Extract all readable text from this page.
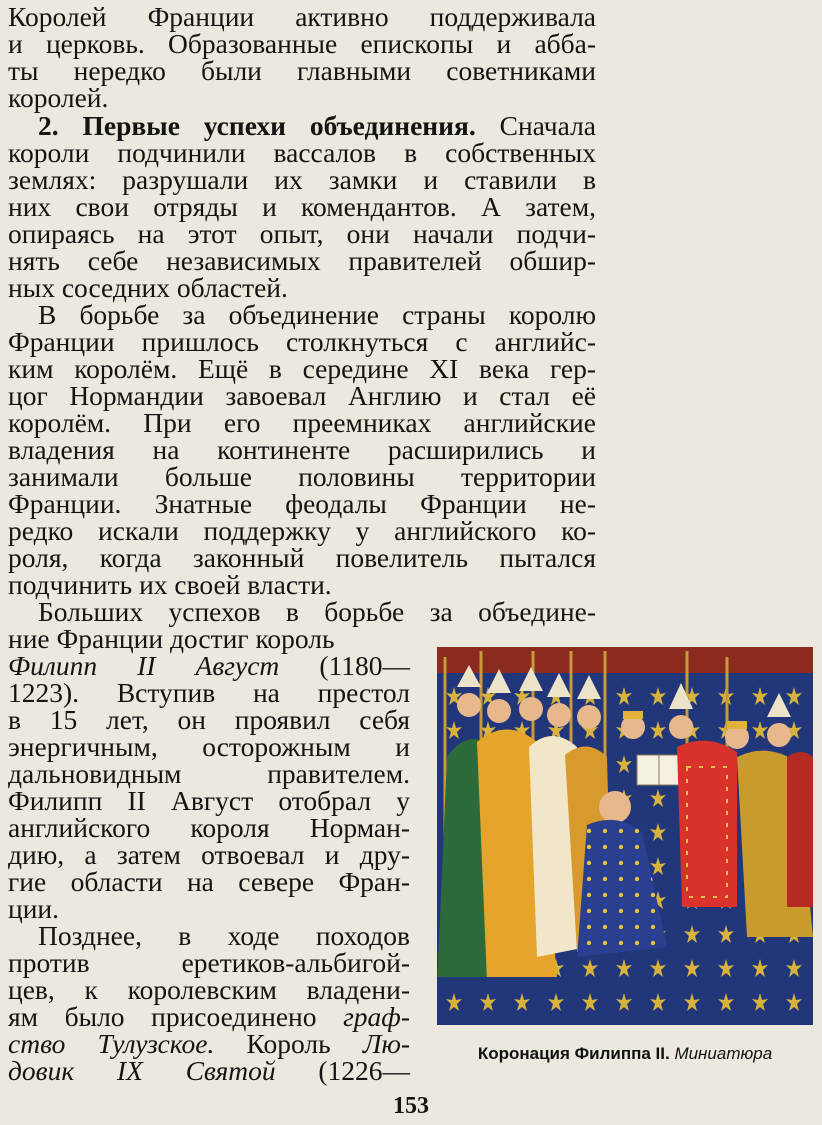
Королей Франции активно поддерживала
и церковь. Образованные епископы и абба-
ты нередко были главными советниками
королей.
2. Первые успехи объединения. Сначала
короли подчинили вассалов в собственных
землях: разрушали их замки и ставили в
них свои отряды и комендантов. А затем,
опираясь на этот опыт, они начали подчи-
нять себе независимых правителей обшир-
ных соседних областей.
В борьбе за объединение страны королю
Франции пришлось столкнуться с английс-
ким королём. Ещё в середине XI века гер-
цог Нормандии завоевал Англию и стал её
королём. При его преемниках английские
владения на континенте расширились и
занимали больше половины территории
Франции. Знатные феодалы Франции не-
редко искали поддержку у английского ко-
роля, когда законный повелитель пытался
подчинить их своей власти.
Больших успехов в борьбе за объедине-
ние Франции достиг король
Филипп II Август (1180—
1223). Вступив на престол
в 15 лет, он проявил себя
энергичным, осторожным и
дальновидным правителем.
Филипп II Август отобрал у
английского короля Норман-
дию, а затем отвоевал и дру-
гие области на севере Фран-
ции.
Позднее, в ходе походов
против еретиков-альбигой-
цев, к королевским владени-
ям было присоединено граф-
ство Тулузское. Король Лю-
довик IX Святой (1226—
Коронация Филиппа II. Миниатюра
153
